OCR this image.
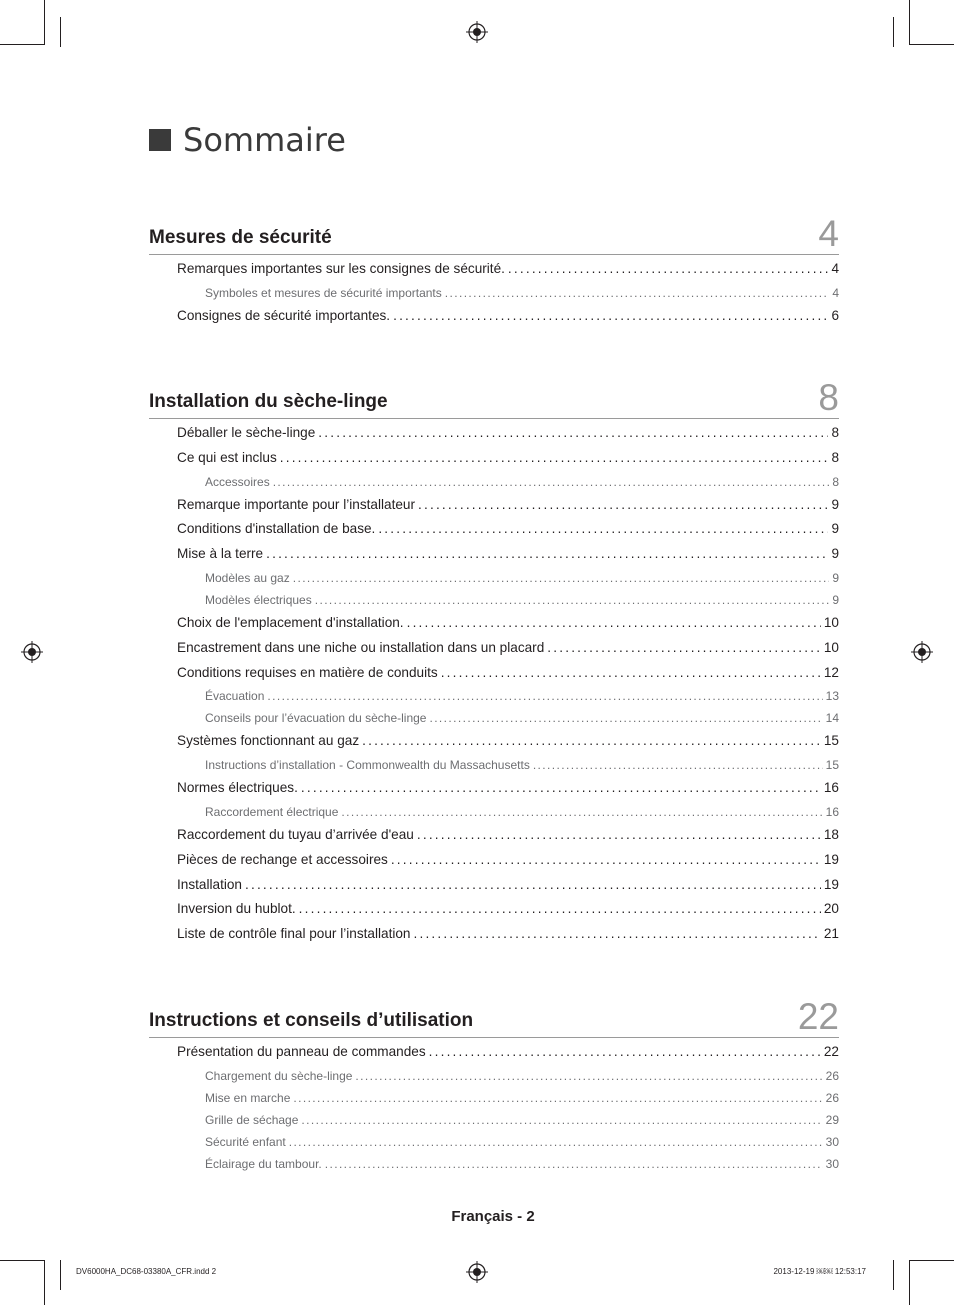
Sommaire
Mesures de sécurité	4
Remarques importantes sur les consignes de sécurité. .....	4
Symboles et mesures de sécurité importants .....	4
Consignes de sécurité importantes. .....	6
Installation du sèche-linge	8
Déballer le sèche-linge .....	8
Ce qui est inclus .....	8
Accessoires .....	8
Remarque importante pour l’installateur .....	9
Conditions d'installation de base. .....	9
Mise à la terre .....	9
Modèles au gaz .....	9
Modèles électriques .....	9
Choix de l'emplacement d'installation. .....	10
Encastrement dans une niche ou installation dans un placard .....	10
Conditions requises en matière de conduits .....	12
Évacuation .....	13
Conseils pour l’évacuation du sèche-linge .....	14
Systèmes fonctionnant au gaz .....	15
Instructions d’installation - Commonwealth du Massachusetts .....	15
Normes électriques. .....	16
Raccordement électrique .....	16
Raccordement du tuyau d’arrivée d'eau .....	18
Pièces de rechange et accessoires .....	19
Installation .....	19
Inversion du hublot. .....	20
Liste de contrôle final pour l’installation .....	21
Instructions et conseils d’utilisation	22
Présentation du panneau de commandes .....	22
Chargement du sèche-linge .....	26
Mise en marche .....	26
Grille de séchage .....	29
Sécurité enfant .....	30
Éclairage du tambour. .....	30
Français - 2
DV6000HA_DC68-03380A_CFR.indd 2	2013-12-19 ￼￼ 12:53:17
